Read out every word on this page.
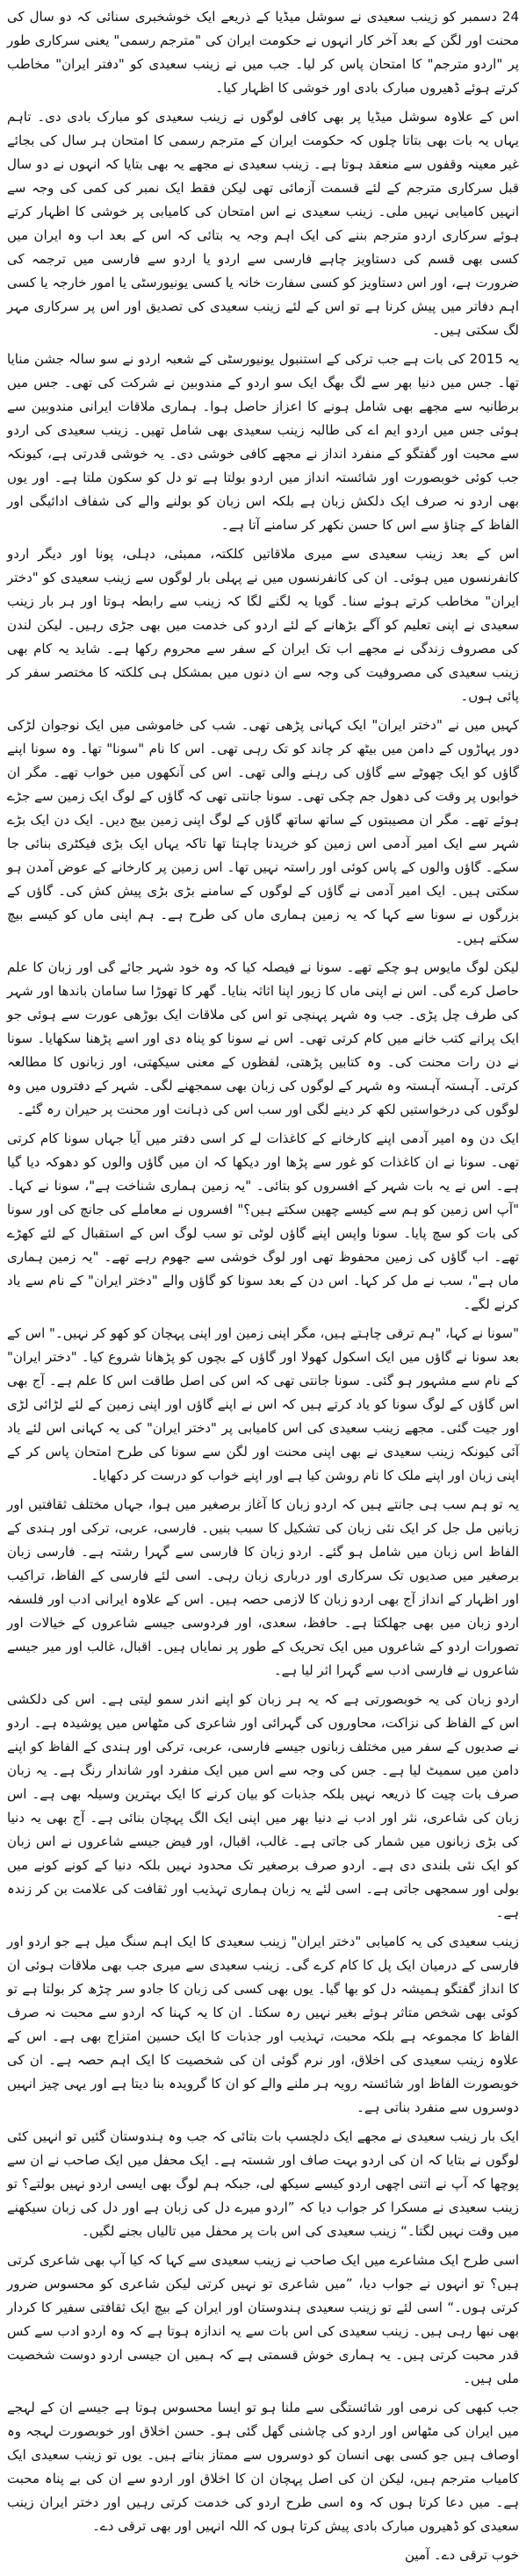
24 دسمبر کو زینب سعیدی نے سوشل میڈیا کے ذریعے ایک خوشخبری سنائی کہ دو سال کی محنت اور لگن کے بعد آخر کار انہوں نے حکومت ایران کی "مترجم رسمی" یعنی سرکاری طور پر "اردو مترجم" کا امتحان پاس کر لیا۔ جب میں نے زینب سعیدی کو "دفتر ایران" مخاطب کرتے ہوئے ڈھیروں مبارک بادی اور خوشی کا اظہار کیا۔

اس کے علاوہ سوشل میڈیا پر بھی کافی لوگوں نے زینب سعیدی کو مبارک بادی دی۔ تاہم یہاں یہ بات بھی بتاتا چلوں کہ حکومت ایران کے مترجم رسمی کا امتحان ہر سال کی بجائے غیر معینہ وقفوں سے منعقد ہوتا ہے۔ زینب سعیدی نے مجھے یہ بھی بتایا کہ انہوں نے دو سال قبل سرکاری مترجم کے لئے قسمت آزمائی تھی لیکن فقط ایک نمبر کی کمی کی وجہ سے انہیں کامیابی نہیں ملی۔ زینب سعیدی نے اس امتحان کی کامیابی پر خوشی کا اظہار کرتے ہوئے سرکاری اردو مترجم بننے کی ایک اہم وجہ یہ بتائی کہ اس کے بعد اب وہ ایران میں کسی بھی قسم کی دستاویز چاہے فارسی سے اردو یا اردو سے فارسی میں ترجمہ کی ضرورت ہے، اور اس دستاویز کو کسی سفارت خانہ یا کسی یونیورسٹی یا امور خارجہ یا کسی اہم دفاتر میں پیش کرنا ہے تو اس کے لئے زینب سعیدی کی تصدیق اور اس پر سرکاری مہر لگ سکتی ہیں۔

یہ 2015 کی بات ہے جب ترکی کے استنبول یونیورسٹی کے شعبہ اردو نے سو سالہ جشن منایا تھا۔ جس میں دنیا بھر سے لگ بھگ ایک سو اردو کے مندوبین نے شرکت کی تھی۔ جس میں برطانیہ سے مجھے بھی شامل ہونے کا اعزاز حاصل ہوا۔ ہماری ملاقات ایرانی مندوبین سے ہوئی جس میں اردو ایم اے کی طالبہ زینب سعیدی بھی شامل تھیں۔ زینب سعیدی کی اردو سے محبت اور گفتگو کے منفرد انداز نے مجھے کافی خوشی دی۔ یہ خوشی قدرتی ہے، کیونکہ جب کوئی خوبصورت اور شائستہ انداز میں اردو بولتا ہے تو دل کو سکون ملتا ہے۔ اور یوں بھی اردو نہ صرف ایک دلکش زبان ہے بلکہ اس زبان کو بولنے والے کی شفاف ادائیگی اور الفاظ کے چناؤ سے اس کا حسن نکھر کر سامنے آتا ہے۔

اس کے بعد زینب سعیدی سے میری ملاقاتیں کلکتہ، ممبئی، دہلی، پونا اور دیگر اردو کانفرنسوں میں ہوئی۔ ان کی کانفرنسوں میں نے پہلی بار لوگوں سے زینب سعیدی کو "دختر ایران" مخاطب کرتے ہوئے سنا۔ گویا یہ لگنے لگا کہ زینب سے رابطہ ہوتا اور ہر بار زینب سعیدی نے اپنی تعلیم کو آگے بڑھانے کے لئے اردو کی خدمت میں بھی جڑی رہیں۔ لیکن لندن کی مصروف زندگی نے مجھے اب تک ایران کے سفر سے محروم رکھا ہے۔ شاید یہ کام بھی زینب سعیدی کی مصروفیت کی وجہ سے ان دنوں میں بمشکل ہی کلکتہ کا مختصر سفر کر پائی ہوں۔

کہیں میں نے "دختر ایران" ایک کہانی پڑھی تھی۔ شب کی خاموشی میں ایک نوجوان لڑکی دور پہاڑوں کے دامن میں بیٹھ کر چاند کو تک رہی تھی۔ اس کا نام "سونا" تھا۔ وہ سونا اپنے گاؤں کو ایک چھوٹے سے گاؤں کی رہنے والی تھی۔ اس کی آنکھوں میں خواب تھے۔ مگر ان خوابوں پر وقت کی دھول جم چکی تھی۔ سونا جانتی تھی کہ گاؤں کے لوگ ایک زمین سے جڑے ہوئے تھے۔ مگر ان مصیبتوں کے ساتھ ساتھ گاؤں کے لوگ اپنی زمین بیچ دیں۔ ایک دن ایک بڑے شہر سے ایک امیر آدمی اس زمین کو خریدنا چاہتا تھا تاکہ یہاں ایک بڑی فیکٹری بنائی جا سکے۔ گاؤں والوں کے پاس کوئی اور راستہ نہیں تھا۔ اس زمین پر کارخانے کے عوض آمدن ہو سکتی ہیں۔ ایک امیر آدمی نے گاؤں کے لوگوں کے سامنے بڑی بڑی پیش کش کی۔ گاؤں کے بزرگوں نے سونا سے کہا کہ یہ زمین ہماری ماں کی طرح ہے۔ ہم اپنی ماں کو کیسے بیچ سکتے ہیں۔

لیکن لوگ مایوس ہو چکے تھے۔ سونا نے فیصلہ کیا کہ وہ خود شہر جائے گی اور زبان کا علم حاصل کرے گی۔ اس نے اپنی ماں کا زیور اپنا اثاثہ بنایا۔ گھر کا تھوڑا سا سامان باندھا اور شہر کی طرف چل پڑی۔ جب وہ شہر پہنچی تو اس کی ملاقات ایک بوڑھی عورت سے ہوئی جو ایک پرانے کتب خانے میں کام کرتی تھی۔ اس نے سونا کو پناہ دی اور اسے پڑھنا سکھایا۔ سونا نے دن رات محنت کی۔ وہ کتابیں پڑھتی، لفظوں کے معنی سیکھتی، اور زبانوں کا مطالعہ کرتی۔ آہستہ آہستہ وہ شہر کے لوگوں کی زبان بھی سمجھنے لگی۔ شہر کے دفتروں میں وہ لوگوں کی درخواستیں لکھ کر دینے لگی اور سب اس کی ذہانت اور محنت پر حیران رہ گئے۔

ایک دن وہ امیر آدمی اپنے کارخانے کے کاغذات لے کر اسی دفتر میں آیا جہاں سونا کام کرتی تھی۔ سونا نے ان کاغذات کو غور سے پڑھا اور دیکھا کہ ان میں گاؤں والوں کو دھوکہ دیا گیا ہے۔ اس نے یہ بات شہر کے افسروں کو بتائی۔ "یہ زمین ہماری شناخت ہے"، سونا نے کہا۔ "آپ اس زمین کو ہم سے کیسے چھین سکتے ہیں؟" افسروں نے معاملے کی جانچ کی اور سونا کی بات کو سچ پایا۔ سونا واپس اپنے گاؤں لوٹی تو سب لوگ اس کے استقبال کے لئے کھڑے تھے۔ اب گاؤں کی زمین محفوظ تھی اور لوگ خوشی سے جھوم رہے تھے۔ "یہ زمین ہماری ماں ہے"، سب نے مل کر کہا۔ اس دن کے بعد سونا کو گاؤں والے "دختر ایران" کے نام سے یاد کرنے لگے۔

"سونا نے کہا، "ہم ترقی چاہتے ہیں، مگر اپنی زمین اور اپنی پہچان کو کھو کر نہیں۔" اس کے بعد سونا نے گاؤں میں ایک اسکول کھولا اور گاؤں کے بچوں کو پڑھانا شروع کیا۔ "دختر ایران" کے نام سے مشہور ہو گئی۔ سونا جانتی تھی کہ اس کی اصل طاقت اس کا علم ہے۔ آج بھی اس گاؤں کے لوگ سونا کو یاد کرتے ہیں کہ اس نے اپنے گاؤں اور اپنی زمین کے لئے لڑائی لڑی اور جیت گئی۔ مجھے زینب سعیدی کی اس کامیابی پر "دختر ایران" کی یہ کہانی اس لئے یاد آئی کیونکہ زینب سعیدی نے بھی اپنی محنت اور لگن سے سونا کی طرح امتحان پاس کر کے اپنی زبان اور اپنے ملک کا نام روشن کیا ہے اور اپنے خواب کو درست کر دکھایا۔

یہ تو ہم سب ہی جانتے ہیں کہ اردو زبان کا آغاز برصغیر میں ہوا، جہاں مختلف ثقافتیں اور زبانیں مل جل کر ایک نئی زبان کی تشکیل کا سبب بنیں۔ فارسی، عربی، ترکی اور ہندی کے الفاظ اس زبان میں شامل ہو گئے۔ اردو زبان کا فارسی سے گہرا رشتہ ہے۔ فارسی زبان برصغیر میں صدیوں تک سرکاری اور درباری زبان رہی۔ اسی لئے فارسی کے الفاظ، تراکیب اور اظہار کے انداز آج بھی اردو زبان کا لازمی حصہ ہیں۔ اس کے علاوہ ایرانی ادب اور فلسفہ اردو زبان میں بھی جھلکتا ہے۔ حافظ، سعدی، اور فردوسی جیسے شاعروں کے خیالات اور تصورات اردو کے شاعروں میں ایک تحریک کے طور پر نمایاں ہیں۔ اقبال، غالب اور میر جیسے شاعروں نے فارسی ادب سے گہرا اثر لیا ہے۔

اردو زبان کی یہ خوبصورتی ہے کہ یہ ہر زبان کو اپنے اندر سمو لیتی ہے۔ اس کی دلکشی اس کے الفاظ کی نزاکت، محاوروں کی گہرائی اور شاعری کی مٹھاس میں پوشیدہ ہے۔ اردو نے صدیوں کے سفر میں مختلف زبانوں جیسے فارسی، عربی، ترکی اور ہندی کے الفاظ کو اپنے دامن میں سمیٹ لیا ہے۔ جس کی وجہ سے اس میں ایک منفرد اور شاندار رنگ ہے۔ یہ زبان صرف بات چیت کا ذریعہ نہیں بلکہ جذبات کو بیان کرنے کا ایک بہترین وسیلہ بھی ہے۔ اس زبان کی شاعری، نثر اور ادب نے دنیا بھر میں اپنی ایک الگ پہچان بنائی ہے۔ آج بھی یہ دنیا کی بڑی زبانوں میں شمار کی جاتی ہے۔ غالب، اقبال، اور فیض جیسے شاعروں نے اس زبان کو ایک نئی بلندی دی ہے۔ اردو صرف برصغیر تک محدود نہیں بلکہ دنیا کے کونے کونے میں بولی اور سمجھی جاتی ہے۔ اسی لئے یہ زبان ہماری تہذیب اور ثقافت کی علامت بن کر زندہ ہے۔

زینب سعیدی کی یہ کامیابی "دختر ایران" زینب سعیدی کا ایک اہم سنگ میل ہے جو اردو اور فارسی کے درمیان ایک پل کا کام کرے گی۔ زینب سعیدی سے میری جب بھی ملاقات ہوئی ان کا انداز گفتگو ہمیشہ دل کو بھا گیا۔ یوں بھی کسی کی زبان کا جادو سر چڑھ کر بولتا ہے تو کوئی بھی شخص متاثر ہوئے بغیر نہیں رہ سکتا۔ ان کا یہ کہنا کہ اردو سے محبت نہ صرف الفاظ کا مجموعہ ہے بلکہ محبت، تہذیب اور جذبات کا ایک حسین امتزاج بھی ہے۔ اس کے علاوہ زینب سعیدی کی اخلاق، اور نرم گوئی ان کی شخصیت کا ایک اہم حصہ ہے۔ ان کی خوبصورت الفاظ اور شائستہ رویہ ہر ملنے والے کو ان کا گرویدہ بنا دیتا ہے اور یہی چیز انہیں دوسروں سے منفرد بناتی ہے۔

ایک بار زینب سعیدی نے مجھے ایک دلچسپ بات بتائی کہ جب وہ ہندوستان گئیں تو انہیں کئی لوگوں نے بتایا کہ ان کی اردو بہت صاف اور شستہ ہے۔ ایک محفل میں ایک صاحب نے ان سے پوچھا کہ آپ نے اتنی اچھی اردو کیسے سیکھ لی، جبکہ ہم لوگ بھی ایسی اردو نہیں بولتے؟ تو زینب سعیدی نے مسکرا کر جواب دیا کہ ”اردو میرے دل کی زبان ہے اور دل کی زبان سیکھنے میں وقت نہیں لگتا۔“ زینب سعیدی کی اس بات پر محفل میں تالیاں بجنے لگیں۔

اسی طرح ایک مشاعرے میں ایک صاحب نے زینب سعیدی سے کہا کہ کیا آپ بھی شاعری کرتی ہیں؟ تو انہوں نے جواب دیا، ”میں شاعری تو نہیں کرتی لیکن شاعری کو محسوس ضرور کرتی ہوں۔“ اسی لئے تو زینب سعیدی ہندوستان اور ایران کے بیچ ایک ثقافتی سفیر کا کردار بھی نبھا رہی ہیں۔ زینب سعیدی کی اس بات سے یہ اندازہ ہوتا ہے کہ وہ اردو ادب سے کس قدر محبت کرتی ہیں۔ یہ ہماری خوش قسمتی ہے کہ ہمیں ان جیسی اردو دوست شخصیت ملی ہیں۔

جب کبھی کی نرمی اور شائستگی سے ملنا ہو تو ایسا محسوس ہوتا ہے جیسے ان کے لہجے میں ایران کی مٹھاس اور اردو کی چاشنی گھل گئی ہو۔ حسن اخلاق اور خوبصورت لہجہ وہ اوصاف ہیں جو کسی بھی انسان کو دوسروں سے ممتاز بناتے ہیں۔ یوں تو زینب سعیدی ایک کامیاب مترجم ہیں، لیکن ان کی اصل پہچان ان کا اخلاق اور اردو سے ان کی بے پناہ محبت ہے۔ میں دعا کرتا ہوں کہ وہ اسی طرح اردو کی خدمت کرتی رہیں اور دختر ایران زینب سعیدی کو ڈھیروں مبارک بادی پیش کرتا ہوں کہ اللہ انہیں اور بھی ترقی دے۔

خوب ترقی دے۔ آمین
